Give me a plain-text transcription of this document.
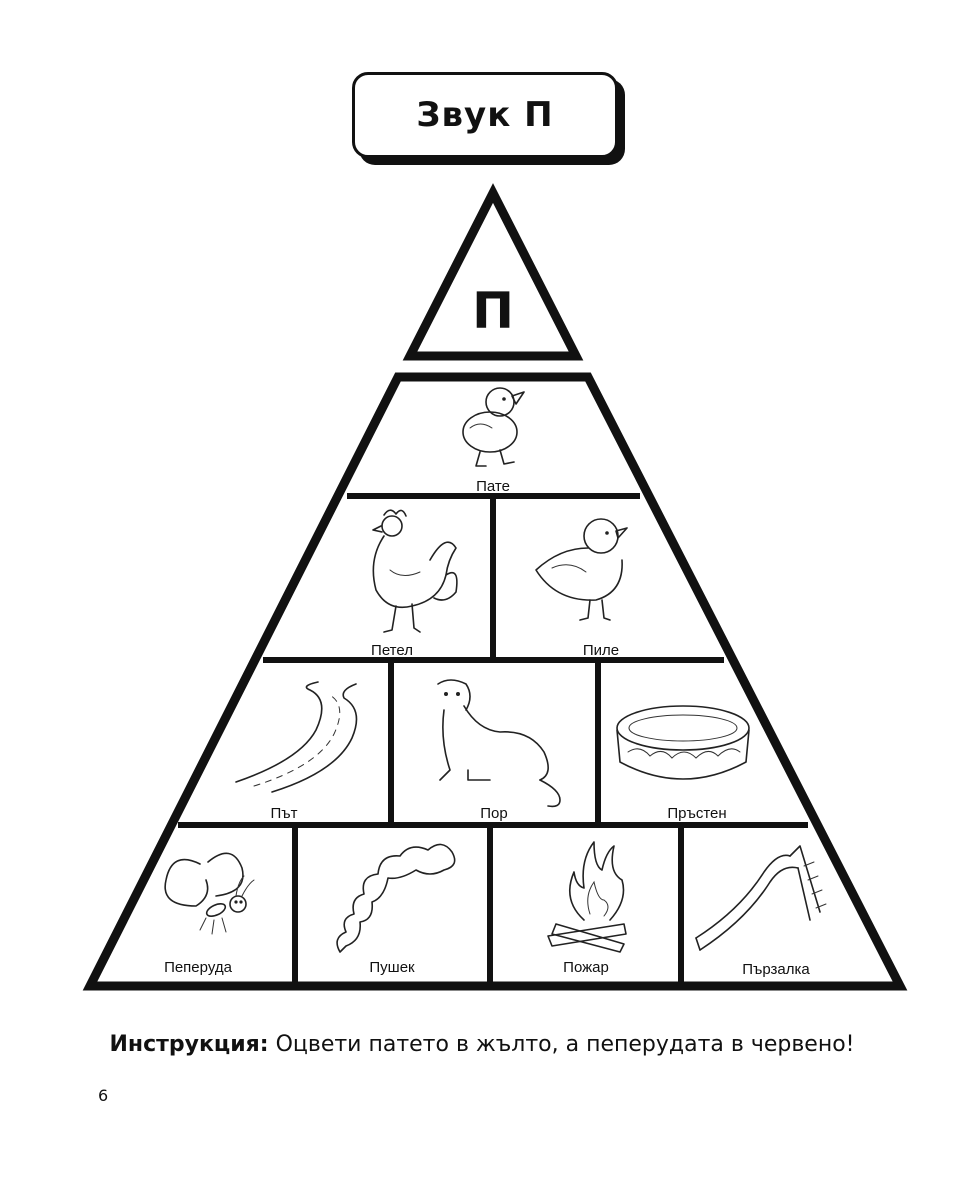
Звук П
П
Пате
Петел	Пиле
Път	Пор	Пръстен
Пеперуда	Пушек	Пожар	Пързалка
Инструкция: Оцвети патето в жълто, а пеперудата в червено!
6
